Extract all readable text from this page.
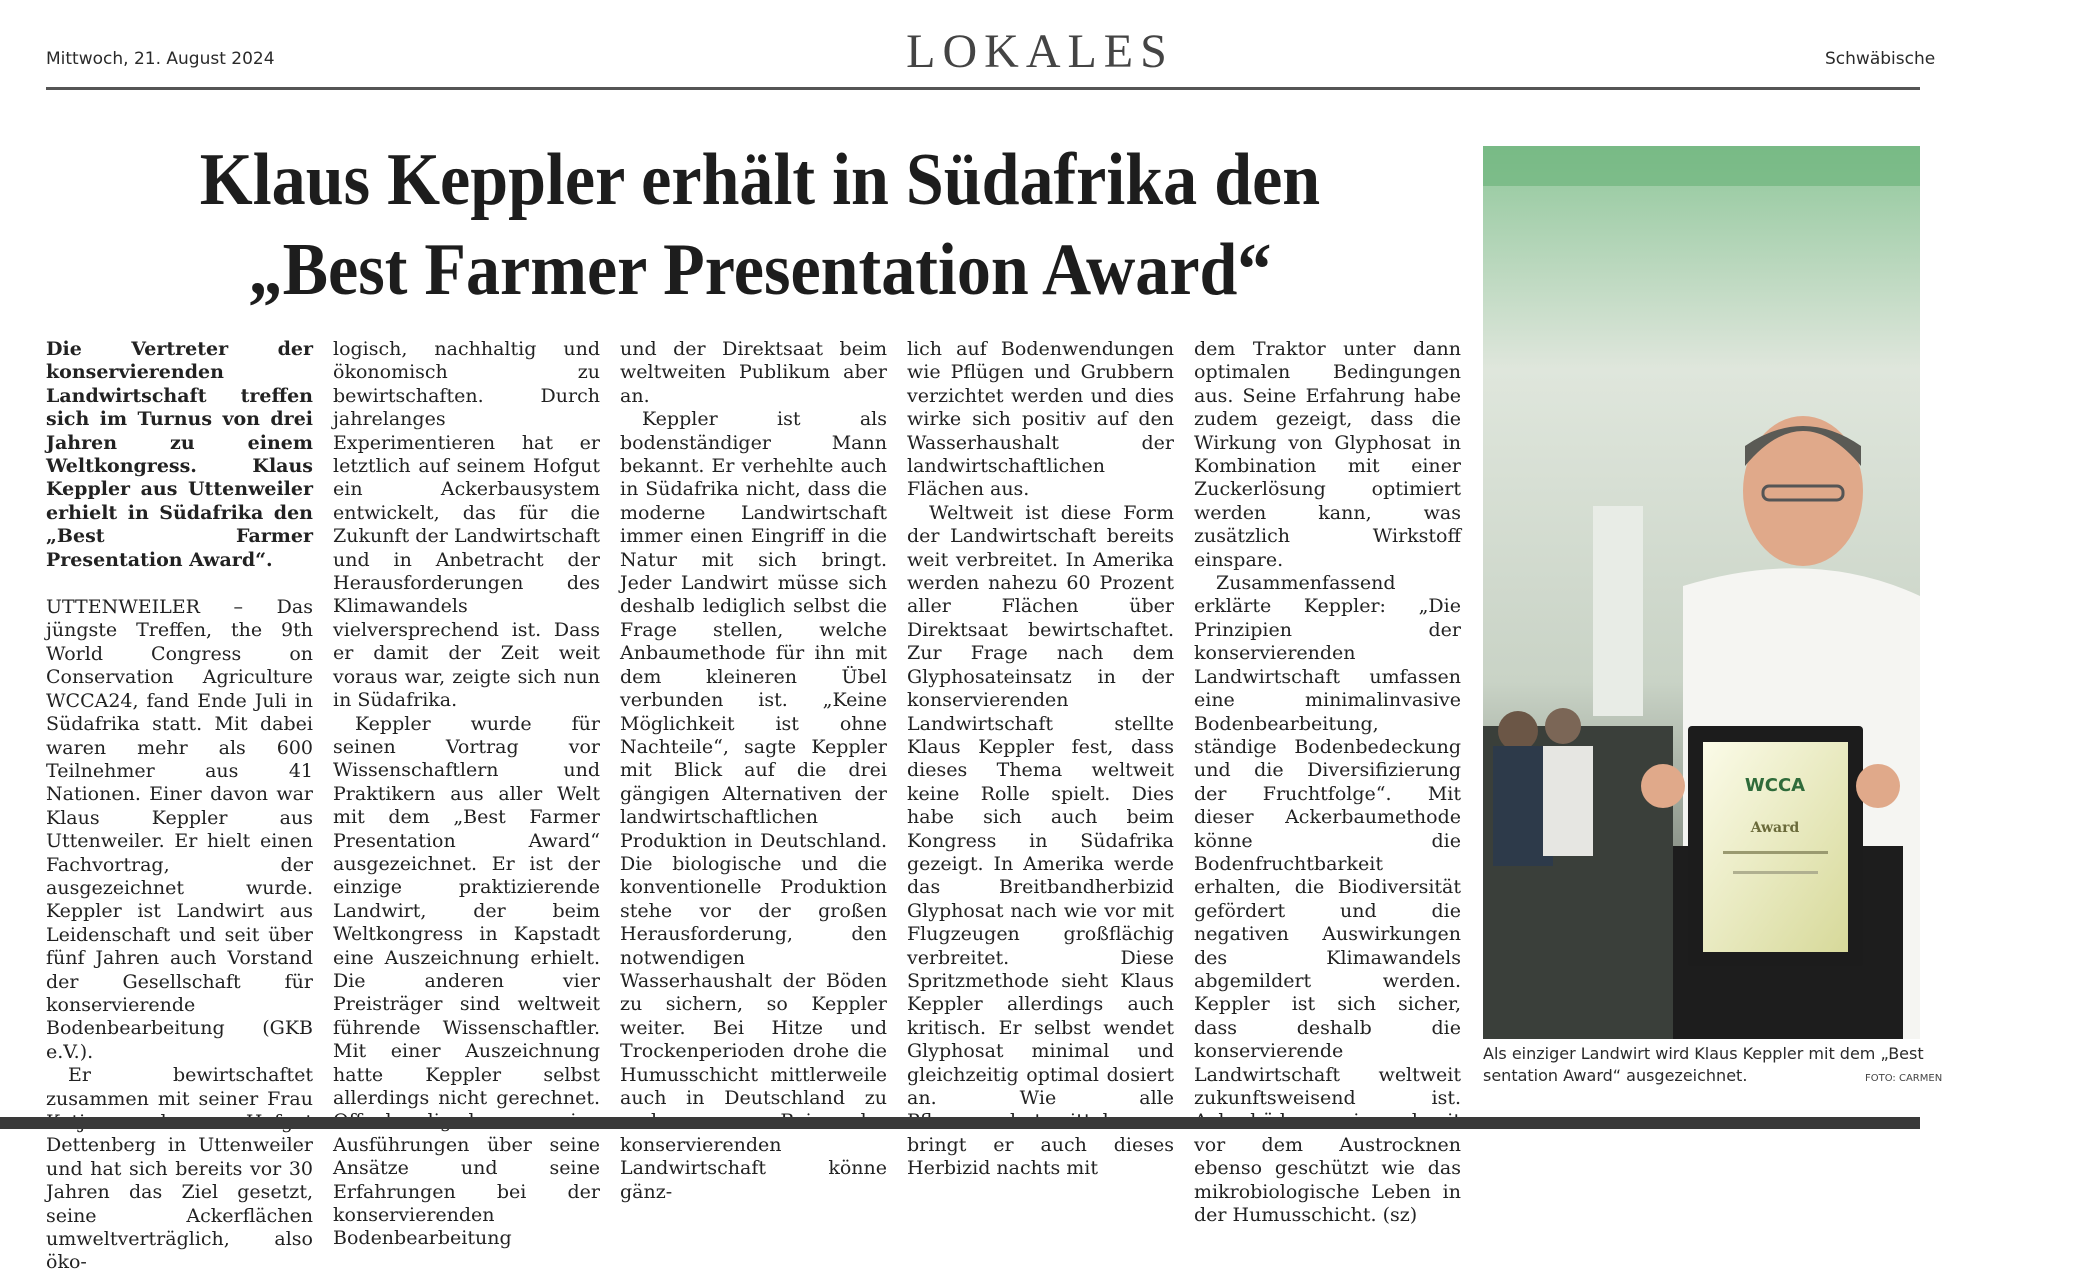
Mittwoch, 21. August 2024	LOKALES	Schwäbische
Klaus Keppler erhält in Südafrika den
„Best Farmer Presentation Award“

Die Vertreter der konservierenden Landwirtschaft treffen sich im Turnus von drei Jahren zu einem Weltkongress. Klaus Keppler aus Uttenweiler erhielt in Südafrika den „Best Farmer Presentation Award“.

UTTENWEILER – Das jüngste Treffen, the 9th World Congress on Conservation Agriculture WCCA24, fand Ende Juli in Südafrika statt. Mit dabei waren mehr als 600 Teilnehmer aus 41 Nationen. Einer davon war Klaus Keppler aus Uttenweiler. Er hielt einen Fachvortrag, der ausgezeichnet wurde. Keppler ist Landwirt aus Leidenschaft und seit über fünf Jahren auch Vorstand der Gesellschaft für konservierende Bodenbearbeitung (GKB e.V.).

Er bewirtschaftet zusammen mit seiner Frau Dettenberg in Uttenweiler und hat sich bereits vor 30 Jahren das Ziel gesetzt, seine Ackerflächen umweltverträglich, also öko-

logisch, nachhaltig und ökonomisch zu bewirtschaften. Durch jahrelanges Experimentieren hat er letztlich auf seinem Hofgut ein Ackerbausystem entwickelt, das für die Zukunft der Landwirtschaft und in Anbetracht der Herausforderungen des Klimawandels vielversprechend ist. Dass er damit der Zeit weit voraus war, zeigte sich nun in Südafrika.

Keppler wurde für seinen Vortrag vor Wissenschaftlern und Praktikern aus aller Welt mit dem „Best Farmer Presentation Award“ ausgezeichnet. Er ist der einzige praktizierende Landwirt, der beim Weltkongress in Kapstadt eine Auszeichnung erhielt. Die anderen vier Preisträger sind weltweit führende Wissenschaftler. Mit einer Auszeichnung hatte Keppler selbst allerdings nicht gerechnet. Ausführungen über seine Ansätze und seine Erfahrungen bei der konservierenden Bodenbearbeitung

und der Direktsaat beim weltweiten Publikum aber an.

Keppler ist als bodenständiger Mann bekannt. Er verhehlte auch in Südafrika nicht, dass die moderne Landwirtschaft immer einen Eingriff in die Natur mit sich bringt. Jeder Landwirt müsse sich deshalb lediglich selbst die Frage stellen, welche Anbaumethode für ihn mit dem kleineren Übel verbunden ist. „Keine Möglichkeit ist ohne Nachteile“, sagte Keppler mit Blick auf die drei gängigen Alternativen der landwirtschaftlichen Produktion in Deutschland. Die biologische und die konventionelle Produktion stehe vor der großen Herausforderung, den notwendigen Wasserhaushalt der Böden zu sichern, so Keppler weiter. Bei Hitze und Trockenperioden drohe die Humusschicht mittlerweile auch in Deutschland zu konservierenden Landwirtschaft könne gänz-

lich auf Bodenwendungen wie Pflügen und Grubbern verzichtet werden und dies wirke sich positiv auf den Wasserhaushalt der landwirtschaftlichen Flächen aus.

Weltweit ist diese Form der Landwirtschaft bereits weit verbreitet. In Amerika werden nahezu 60 Prozent aller Flächen über Direktsaat bewirtschaftet. Zur Frage nach dem Glyphosateinsatz in der konservierenden Landwirtschaft stellte Klaus Keppler fest, dass dieses Thema weltweit keine Rolle spielt. Dies habe sich auch beim Kongress in Südafrika gezeigt. In Amerika werde das Breitbandherbizid Glyphosat nach wie vor mit Flugzeugen großflächig verbreitet. Diese Spritzmethode sieht Klaus Keppler allerdings auch kritisch. Er selbst wendet Glyphosat minimal und gleichzeitig optimal dosiert an. Wie alle bringt er auch dieses Herbizid nachts mit

dem Traktor unter dann optimalen Bedingungen aus. Seine Erfahrung habe zudem gezeigt, dass die Wirkung von Glyphosat in Kombination mit einer Zuckerlösung optimiert werden kann, was zusätzlich Wirkstoff einspare.

Zusammenfassend erklärte Keppler: „Die Prinzipien der konservierenden Landwirtschaft umfassen eine minimalinvasive Bodenbearbeitung, ständige Bodenbedeckung und die Diversifizierung der Fruchtfolge“. Mit dieser Ackerbaumethode könne die Bodenfruchtbarkeit erhalten, die Biodiversität gefördert und die negativen Auswirkungen des Klimawandels abgemildert werden. Keppler ist sich sicher, dass deshalb die konservierende Landwirtschaft weltweit zukunftsweisend ist. vor dem Austrocknen ebenso geschützt wie das mikrobiologische Leben in der Humusschicht. (sz)

WCCA
Award
Als einziger Landwirt wird Klaus Keppler mit dem „Best
sentation Award“ ausgezeichnet.	FOTO: CARMEN
